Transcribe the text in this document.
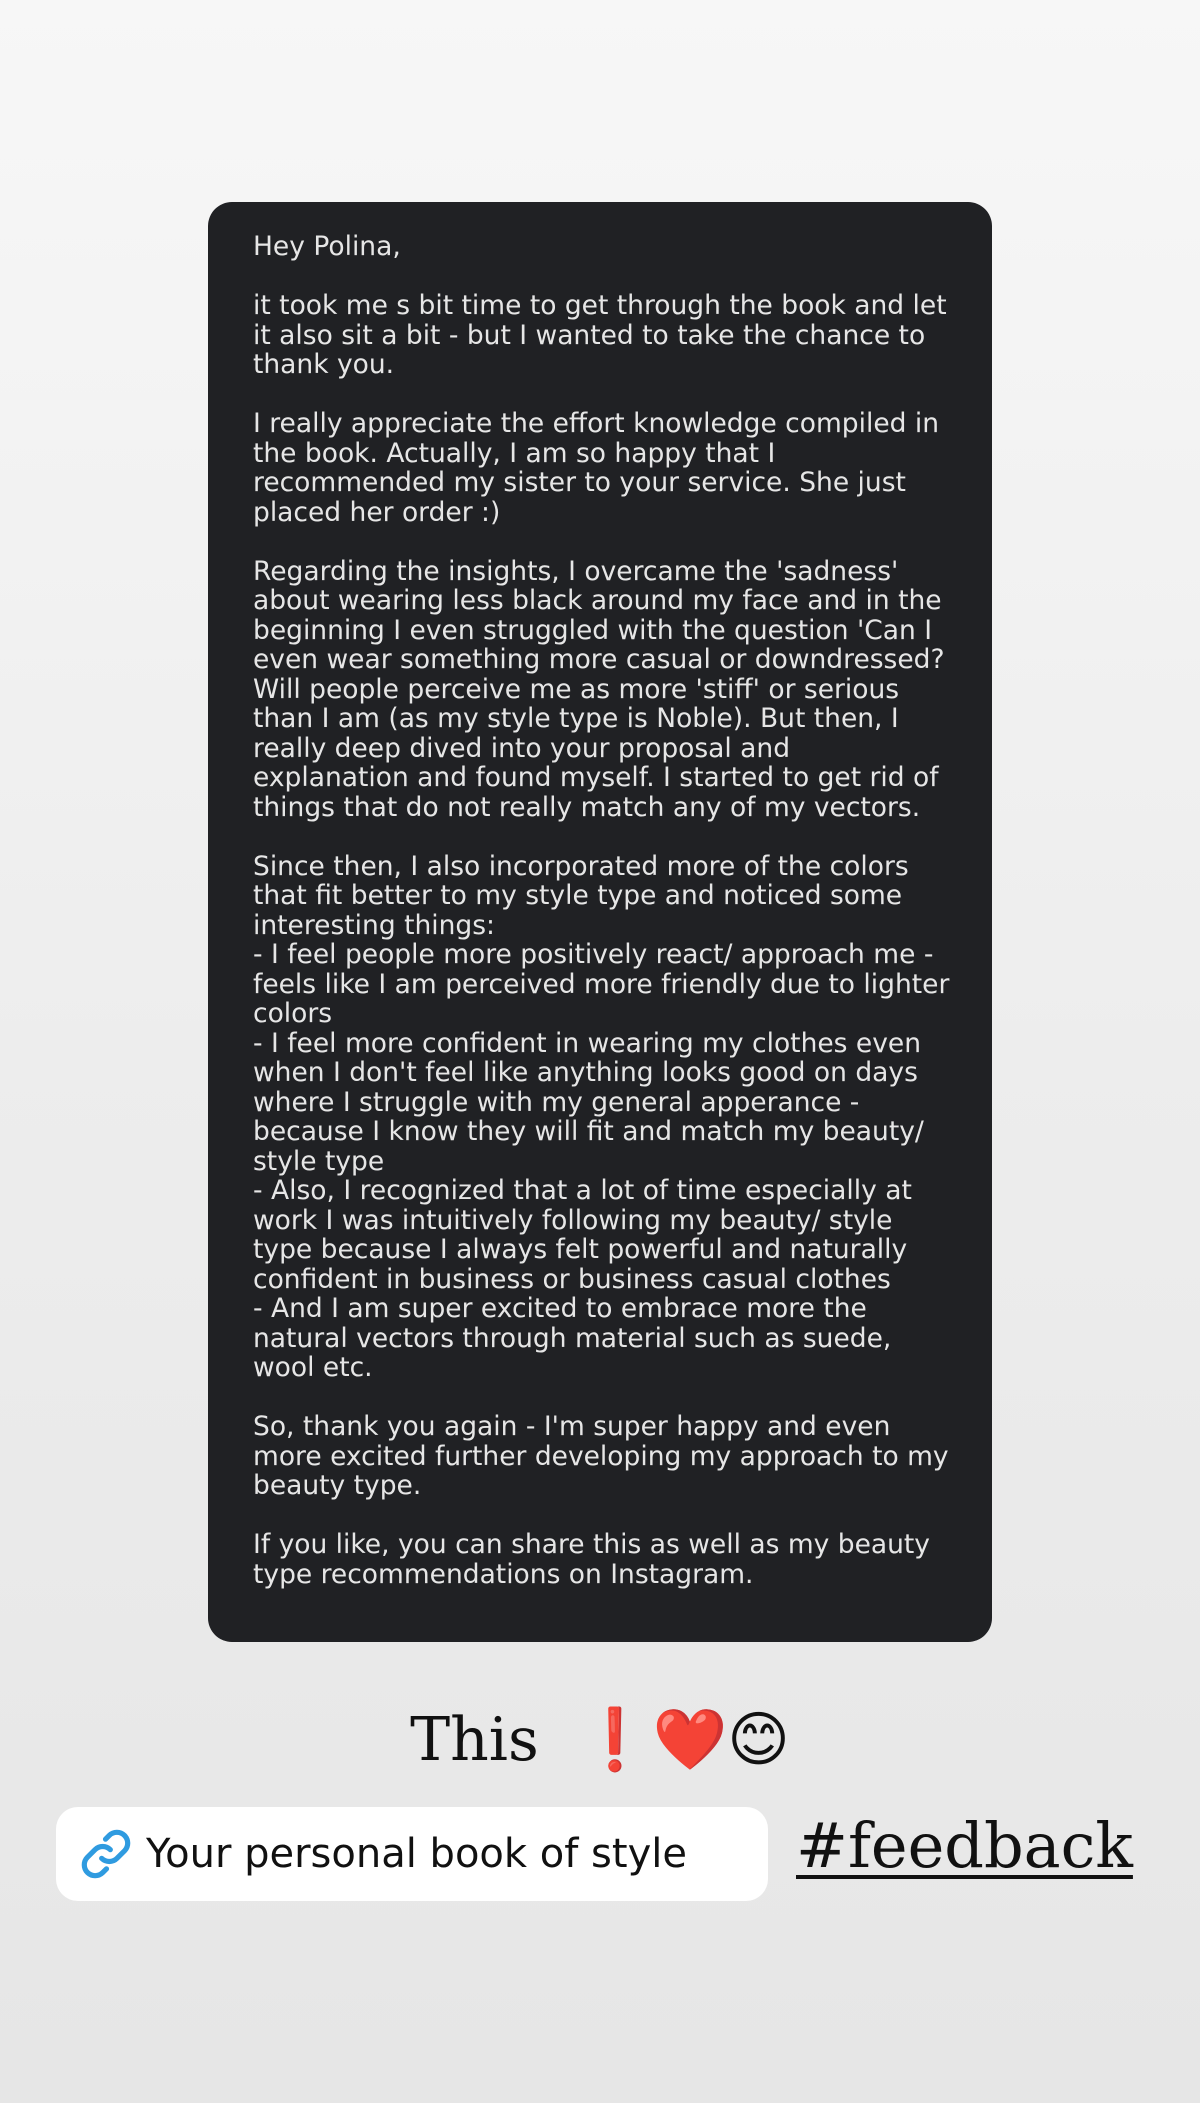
Hey Polina,

it took me s bit time to get through the book and let it also sit a bit - but I wanted to take the chance to thank you.

I really appreciate the effort knowledge compiled in the book. Actually, I am so happy that I recommended my sister to your service. She just placed her order :)

Regarding the insights, I overcame the 'sadness' about wearing less black around my face and in the beginning I even struggled with the question 'Can I even wear something more casual or downdressed? Will people perceive me as more 'stiff' or serious than I am (as my style type is Noble). But then, I really deep dived into your proposal and explanation and found myself. I started to get rid of things that do not really match any of my vectors.

Since then, I also incorporated more of the colors that fit better to my style type and noticed some interesting things:
- I feel people more positively react/ approach me - feels like I am perceived more friendly due to lighter colors
- I feel more confident in wearing my clothes even when I don't feel like anything looks good on days where I struggle with my general apperance - because I know they will fit and match my beauty/ style type
- Also, I recognized that a lot of time especially at work I was intuitively following my beauty/ style type because I always felt powerful and naturally confident in business or business casual clothes
- And I am super excited to embrace more the natural vectors through material such as suede, wool etc.

So, thank you again - I'm super happy and even more excited further developing my approach to my beauty type.

If you like, you can share this as well as my beauty type recommendations on Instagram.

This ❗❤️😊
Your personal book of style #feedback
